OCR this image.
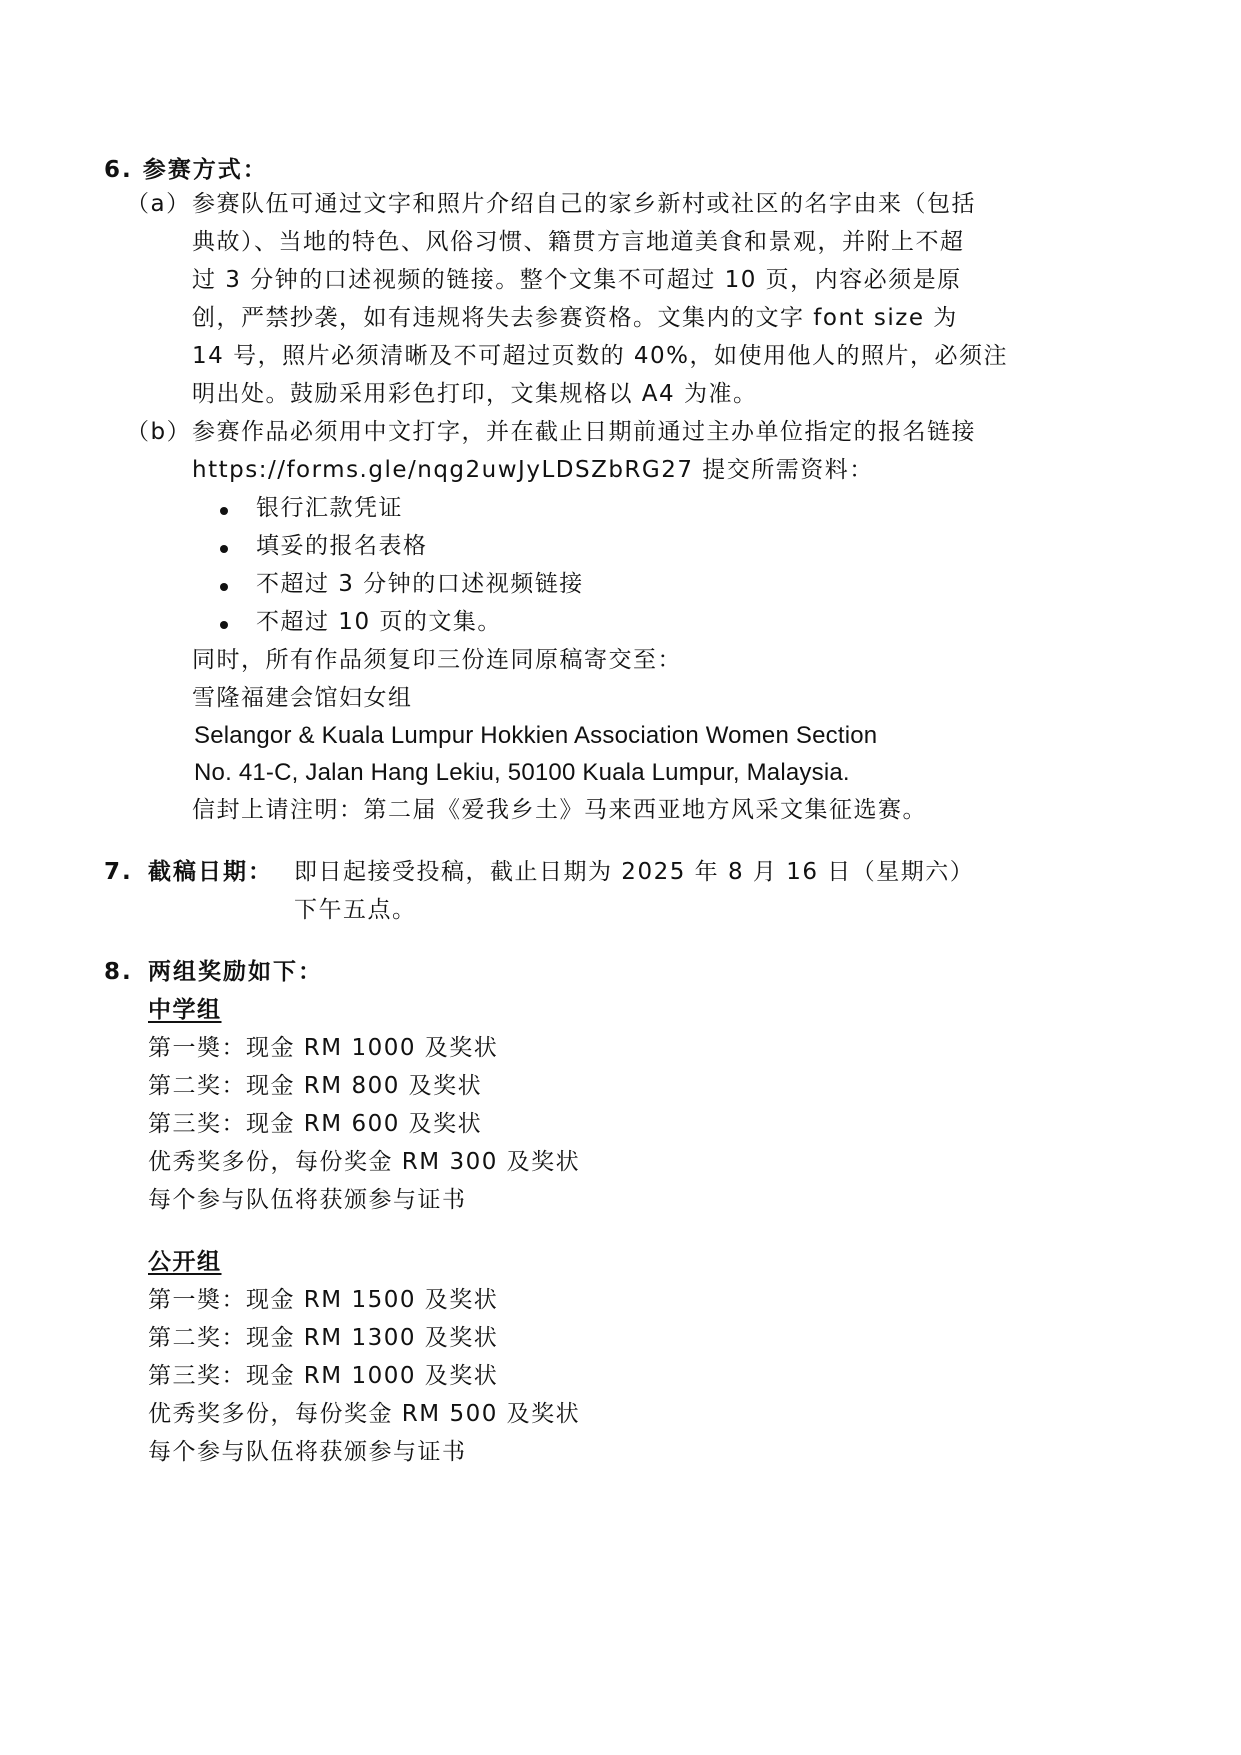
6. 参赛方式：
（a） 参赛队伍可通过文字和照片介绍自己的家乡新村或社区的名字由来（包括
典故）、当地的特色、风俗习惯、籍贯方言地道美食和景观，并附上不超
过 3 分钟的口述视频的链接。整个文集不可超过 10 页，内容必须是原
创，严禁抄袭，如有违规将失去参赛资格。文集内的文字 font size 为
14 号，照片必须清晰及不可超过页数的 40%，如使用他人的照片，必须注
明出处。鼓励采用彩色打印，文集规格以 A4 为准。
（b） 参赛作品必须用中文打字，并在截止日期前通过主办单位指定的报名链接
https://forms.gle/nqg2uwJyLDSZbRG27 提交所需资料：
银行汇款凭证
填妥的报名表格
不超过 3 分钟的口述视频链接
不超过 10 页的文集。
同时，所有作品须复印三份连同原稿寄交至：
雪隆福建会馆妇女组
Selangor & Kuala Lumpur Hokkien Association Women Section
No. 41-C, Jalan Hang Lekiu, 50100 Kuala Lumpur, Malaysia.
信封上请注明：第二届《爱我乡土》马来西亚地方风采文集征选赛。
7. 截稿日期： 即日起接受投稿，截止日期为 2025 年 8 月 16 日（星期六）
下午五点。
8. 两组奖励如下：
中学组
第一奬：现金 RM 1000 及奖状
第二奖：现金 RM 800 及奖状
第三奖：现金 RM 600 及奖状
优秀奖多份，每份奖金 RM 300 及奖状
每个参与队伍将获颁参与证书
公开组
第一奬：现金 RM 1500 及奖状
第二奖：现金 RM 1300 及奖状
第三奖：现金 RM 1000 及奖状
优秀奖多份，每份奖金 RM 500 及奖状
每个参与队伍将获颁参与证书
